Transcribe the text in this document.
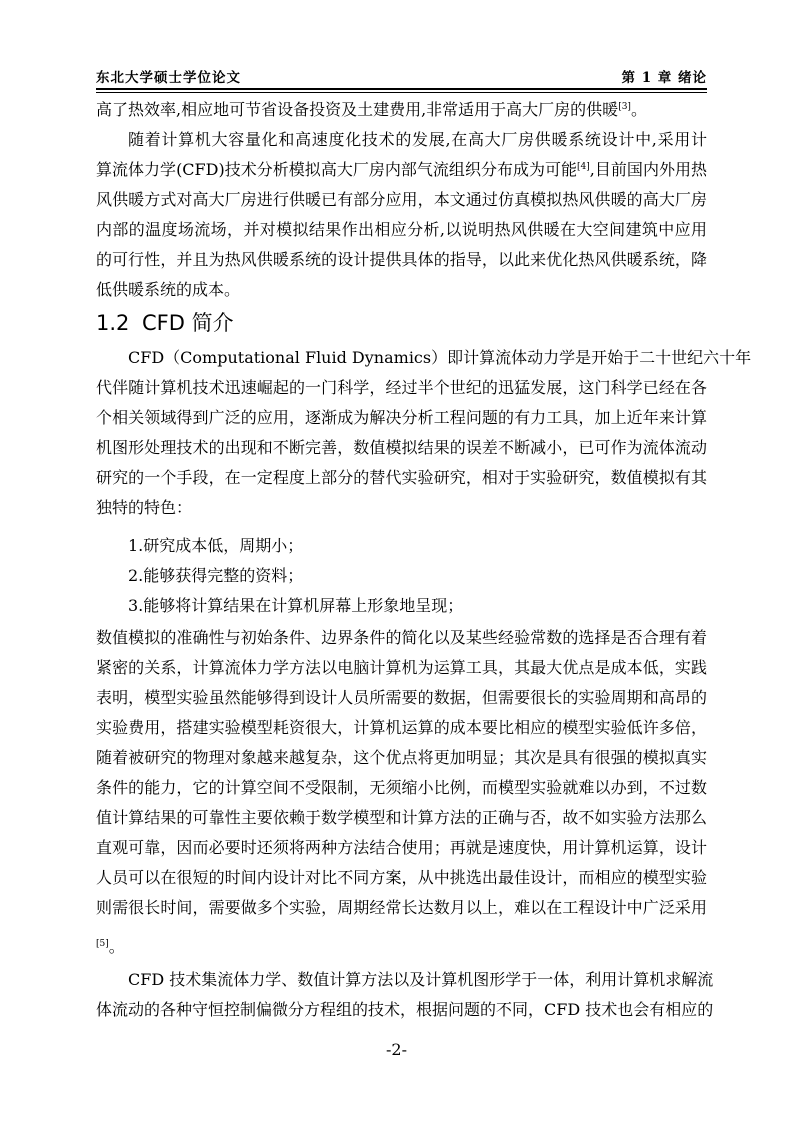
东北大学硕士学位论文	第 1 章 绪论
高了热效率,相应地可节省设备投资及土建费用,非常适用于高大厂房的供暖[3]。
随着计算机大容量化和高速度化技术的发展,在高大厂房供暖系统设计中,采用计
算流体力学(CFD)技术分析模拟高大厂房内部气流组织分布成为可能[4],目前国内外用热
风供暖方式对高大厂房进行供暖已有部分应用，本文通过仿真模拟热风供暖的高大厂房
内部的温度场流场，并对模拟结果作出相应分析,以说明热风供暖在大空间建筑中应用
的可行性，并且为热风供暖系统的设计提供具体的指导，以此来优化热风供暖系统，降
低供暖系统的成本。
1.2 CFD 简介
CFD（Computational Fluid Dynamics）即计算流体动力学是开始于二十世纪六十年
代伴随计算机技术迅速崛起的一门科学，经过半个世纪的迅猛发展，这门科学已经在各
个相关领域得到广泛的应用，逐渐成为解决分析工程问题的有力工具，加上近年来计算
机图形处理技术的出现和不断完善，数值模拟结果的误差不断减小，已可作为流体流动
研究的一个手段，在一定程度上部分的替代实验研究，相对于实验研究，数值模拟有其
独特的特色：
1.研究成本低，周期小；
2.能够获得完整的资料；
3.能够将计算结果在计算机屏幕上形象地呈现；
数值模拟的准确性与初始条件、边界条件的简化以及某些经验常数的选择是否合理有着
紧密的关系，计算流体力学方法以电脑计算机为运算工具，其最大优点是成本低，实践
表明，模型实验虽然能够得到设计人员所需要的数据，但需要很长的实验周期和高昂的
实验费用，搭建实验模型耗资很大，计算机运算的成本要比相应的模型实验低许多倍，
随着被研究的物理对象越来越复杂，这个优点将更加明显；其次是具有很强的模拟真实
条件的能力，它的计算空间不受限制，无须缩小比例，而模型实验就难以办到，不过数
值计算结果的可靠性主要依赖于数学模型和计算方法的正确与否，故不如实验方法那么
直观可靠，因而必要时还须将两种方法结合使用；再就是速度快，用计算机运算，设计
人员可以在很短的时间内设计对比不同方案，从中挑选出最佳设计，而相应的模型实验
则需很长时间，需要做多个实验，周期经常长达数月以上，难以在工程设计中广泛采用
[5]。
CFD 技术集流体力学、数值计算方法以及计算机图形学于一体，利用计算机求解流
体流动的各种守恒控制偏微分方程组的技术，根据问题的不同，CFD 技术也会有相应的
-2-
